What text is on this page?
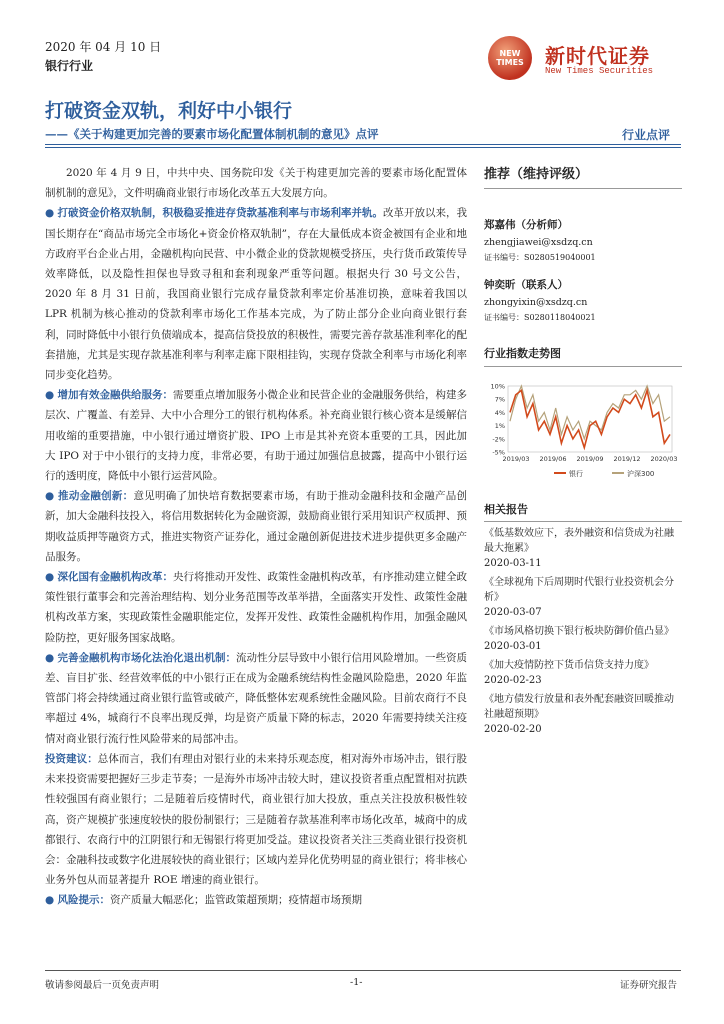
2020 年 04 月 10 日
银行行业
NEW TIMES	新时代证券
New Times Securities
打破资金双轨，利好中小银行
——《关于构建更加完善的要素市场化配置体制机制的意见》点评	行业点评

2020 年 4 月 9 日，中共中央、国务院印发《关于构建更加完善的要素市场化配置体制机制的意见》，文件明确商业银行市场化改革五大发展方向。

● 打破资金价格双轨制，积极稳妥推进存贷款基准利率与市场利率并轨。改革开放以来，我国长期存在“商品市场完全市场化+资金价格双轨制”，存在大量低成本资金被国有企业和地方政府平台企业占用，金融机构向民营、中小微企业的贷款规模受挤压，央行货币政策传导效率降低，以及隐性担保也导致寻租和套利现象严重等问题。根据央行 30 号文公告，2020 年 8 月 31 日前，我国商业银行完成存量贷款利率定价基准切换，意味着我国以 LPR 机制为核心推动的贷款利率市场化工作基本完成，为了防止部分企业向商业银行套利，同时降低中小银行负债端成本，提高信贷投放的积极性，需要完善存款基准利率化的配套措施，尤其是实现存款基准利率与利率走廊下限相挂钩，实现存贷款全利率与市场化利率同步变化趋势。

● 增加有效金融供给服务：需要重点增加服务小微企业和民营企业的金融服务供给，构建多层次、广覆盖、有差异、大中小合理分工的银行机构体系。补充商业银行核心资本是缓解信用收缩的重要措施，中小银行通过增资扩股、IPO 上市是其补充资本重要的工具，因此加大 IPO 对于中小银行的支持力度，非常必要，有助于通过加强信息披露，提高中小银行运行的透明度，降低中小银行运营风险。

● 推动金融创新：意见明确了加快培育数据要素市场，有助于推动金融科技和金融产品创新，加大金融科技投入，将信用数据转化为金融资源，鼓励商业银行采用知识产权质押、预期收益质押等融资方式，推进实物资产证券化，通过金融创新促进技术进步提供更多金融产品服务。

● 深化国有金融机构改革：央行将推动开发性、政策性金融机构改革，有序推动建立健全政策性银行董事会和完善治理结构、划分业务范围等改革举措，全面落实开发性、政策性金融机构改革方案，实现政策性金融职能定位，发挥开发性、政策性金融机构作用，加强金融风险防控，更好服务国家战略。

● 完善金融机构市场化法治化退出机制：流动性分层导致中小银行信用风险增加。一些资质差、盲目扩张、经营效率低的中小银行正在成为金融系统结构性金融风险隐患，2020 年监管部门将会持续通过商业银行监管或破产，降低整体宏观系统性金融风险。目前农商行不良率超过 4%，城商行不良率出现反弹，均是资产质量下降的标志，2020 年需要持续关注疫情对商业银行流行性风险带来的局部冲击。

投资建议：总体而言，我们有理由对银行业的未来持乐观态度，相对海外市场冲击，银行股未来投资需要把握好三步走节奏；一是海外市场冲击较大时，建议投资者重点配置相对抗跌性较强国有商业银行；二是随着后疫情时代，商业银行加大投放，重点关注投放积极性较高，资产规模扩张速度较快的股份制银行；三是随着存款基准利率市场化改革，城商中的成都银行、农商行中的江阴银行和无锡银行将更加受益。建议投资者关注三类商业银行投资机会：金融科技或数字化进展较快的商业银行；区域内差异化优势明显的商业银行；将非核心业务外包从而显著提升 ROE 增速的商业银行。

● 风险提示：资产质量大幅恶化；监管政策超预期；疫情超市场预期

推荐（维持评级）
郑嘉伟（分析师）
zhengjiawei@xsdzq.cn
证书编号：S0280519040001
钟奕昕（联系人）
zhongyixin@xsdzq.cn
证书编号：S0280118040021
行业指数走势图
10%
7%
4%
1%
-2%
-5%
2019/03 2019/06 2019/09 2019/12 2020/03
银行	沪深300
相关报告
《低基数效应下，表外融资和信贷成为社融最大拖累》
2020-03-11
《全球视角下后周期时代银行业投资机会分析》
2020-03-07
《市场风格切换下银行板块防御价值凸显》
2020-03-01
《加大疫情防控下货币信贷支持力度》
2020-02-23
《地方债发行放量和表外配套融资回暖推动社融超预期》
2020-02-20
敬请参阅最后一页免责声明	-1-	证券研究报告
